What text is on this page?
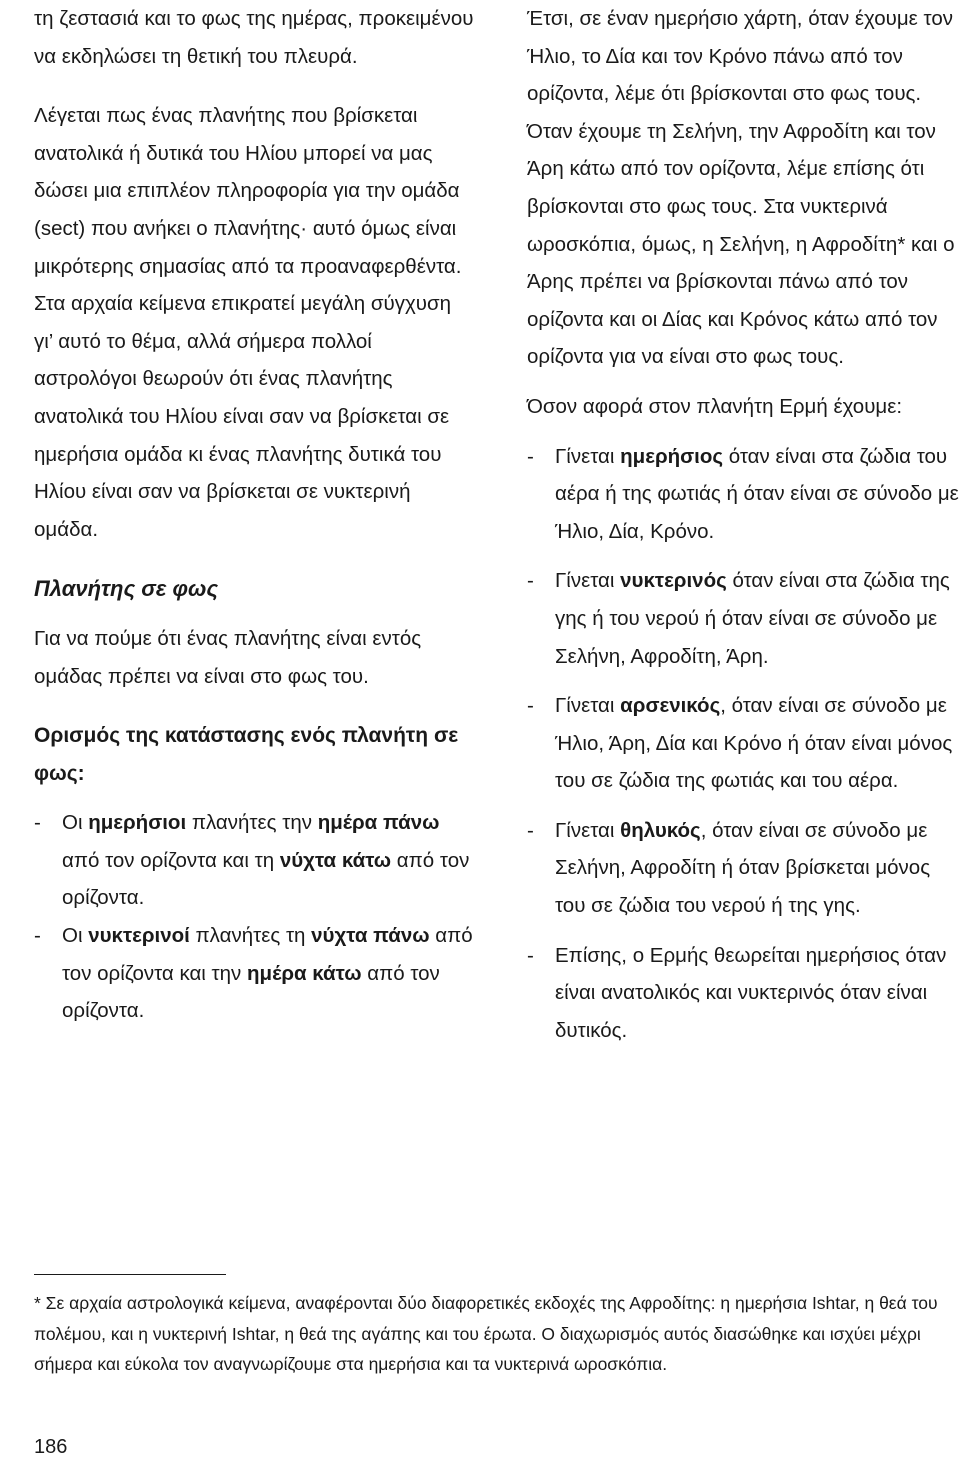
τη ζεστασιά και το φως της ημέρας, προκειμένου να εκδηλώσει τη θετική του πλευρά.

Λέγεται πως ένας πλανήτης που βρίσκεται ανατολικά ή δυτικά του Ηλίου μπορεί να μας δώσει μια επιπλέον πληροφορία για την ομάδα (sect) που ανήκει ο πλανήτης· αυτό όμως είναι μικρότερης σημασίας από τα προαναφερθέντα. Στα αρχαία κείμενα επικρατεί μεγάλη σύγχυση γι’ αυτό το θέμα, αλλά σήμερα πολλοί αστρολόγοι θεωρούν ότι ένας πλανήτης ανατολικά του Ηλίου είναι σαν να βρίσκεται σε ημερήσια ομάδα κι ένας πλανήτης δυτικά του Ηλίου είναι σαν να βρίσκεται σε νυκτερινή ομάδα.

Πλανήτης σε φως

Για να πούμε ότι ένας πλανήτης είναι εντός ομάδας πρέπει να είναι στο φως του.

Ορισμός της κατάστασης ενός πλανήτη σε φως:

-	Οι ημερήσιοι πλανήτες την ημέρα πάνω από τον ορίζοντα και τη νύχτα κάτω από τον ορίζοντα.
-	Οι νυκτερινοί πλανήτες τη νύχτα πάνω από τον ορίζοντα και την ημέρα κάτω από τον ορίζοντα.

Έτσι, σε έναν ημερήσιο χάρτη, όταν έχουμε τον Ήλιο, το Δία και τον Κρόνο πάνω από τον ορίζοντα, λέμε ότι βρίσκονται στο φως τους. Όταν έχουμε τη Σελήνη, την Αφροδίτη και τον Άρη κάτω από τον ορίζοντα, λέμε επίσης ότι βρίσκονται στο φως τους. Στα νυκτερινά ωροσκόπια, όμως, η Σελήνη, η Αφροδίτη* και ο Άρης πρέπει να βρίσκονται πάνω από τον ορίζοντα και οι Δίας και Κρόνος κάτω από τον ορίζοντα για να είναι στο φως τους.

Όσον αφορά στον πλανήτη Ερμή έχουμε:

-	Γίνεται ημερήσιος όταν είναι στα ζώδια του αέρα ή της φωτιάς ή όταν είναι σε σύνοδο με Ήλιο, Δία, Κρόνο.
-	Γίνεται νυκτερινός όταν είναι στα ζώδια της γης ή του νερού ή όταν είναι σε σύνοδο με Σελήνη, Αφροδίτη, Άρη.
-	Γίνεται αρσενικός, όταν είναι σε σύνοδο με Ήλιο, Άρη, Δία και Κρόνο ή όταν είναι μόνος του σε ζώδια της φωτιάς και του αέρα.
-	Γίνεται θηλυκός, όταν είναι σε σύνοδο με Σελήνη, Αφροδίτη ή όταν βρίσκεται μόνος του σε ζώδια του νερού ή της γης.
-	Επίσης, ο Ερμής θεωρείται ημερήσιος όταν είναι ανατολικός και νυκτερινός όταν είναι δυτικός.

* Σε αρχαία αστρολογικά κείμενα, αναφέρονται δύο διαφορετικές εκδοχές της Αφροδίτης: η ημερήσια Ishtar, η θεά του πολέμου, και η νυκτερινή Ishtar, η θεά της αγάπης και του έρωτα. Ο διαχωρισμός αυτός διασώθηκε και ισχύει μέχρι σήμερα και εύκολα τον αναγνωρίζουμε στα ημερήσια και τα νυκτερινά ωροσκόπια.

186
